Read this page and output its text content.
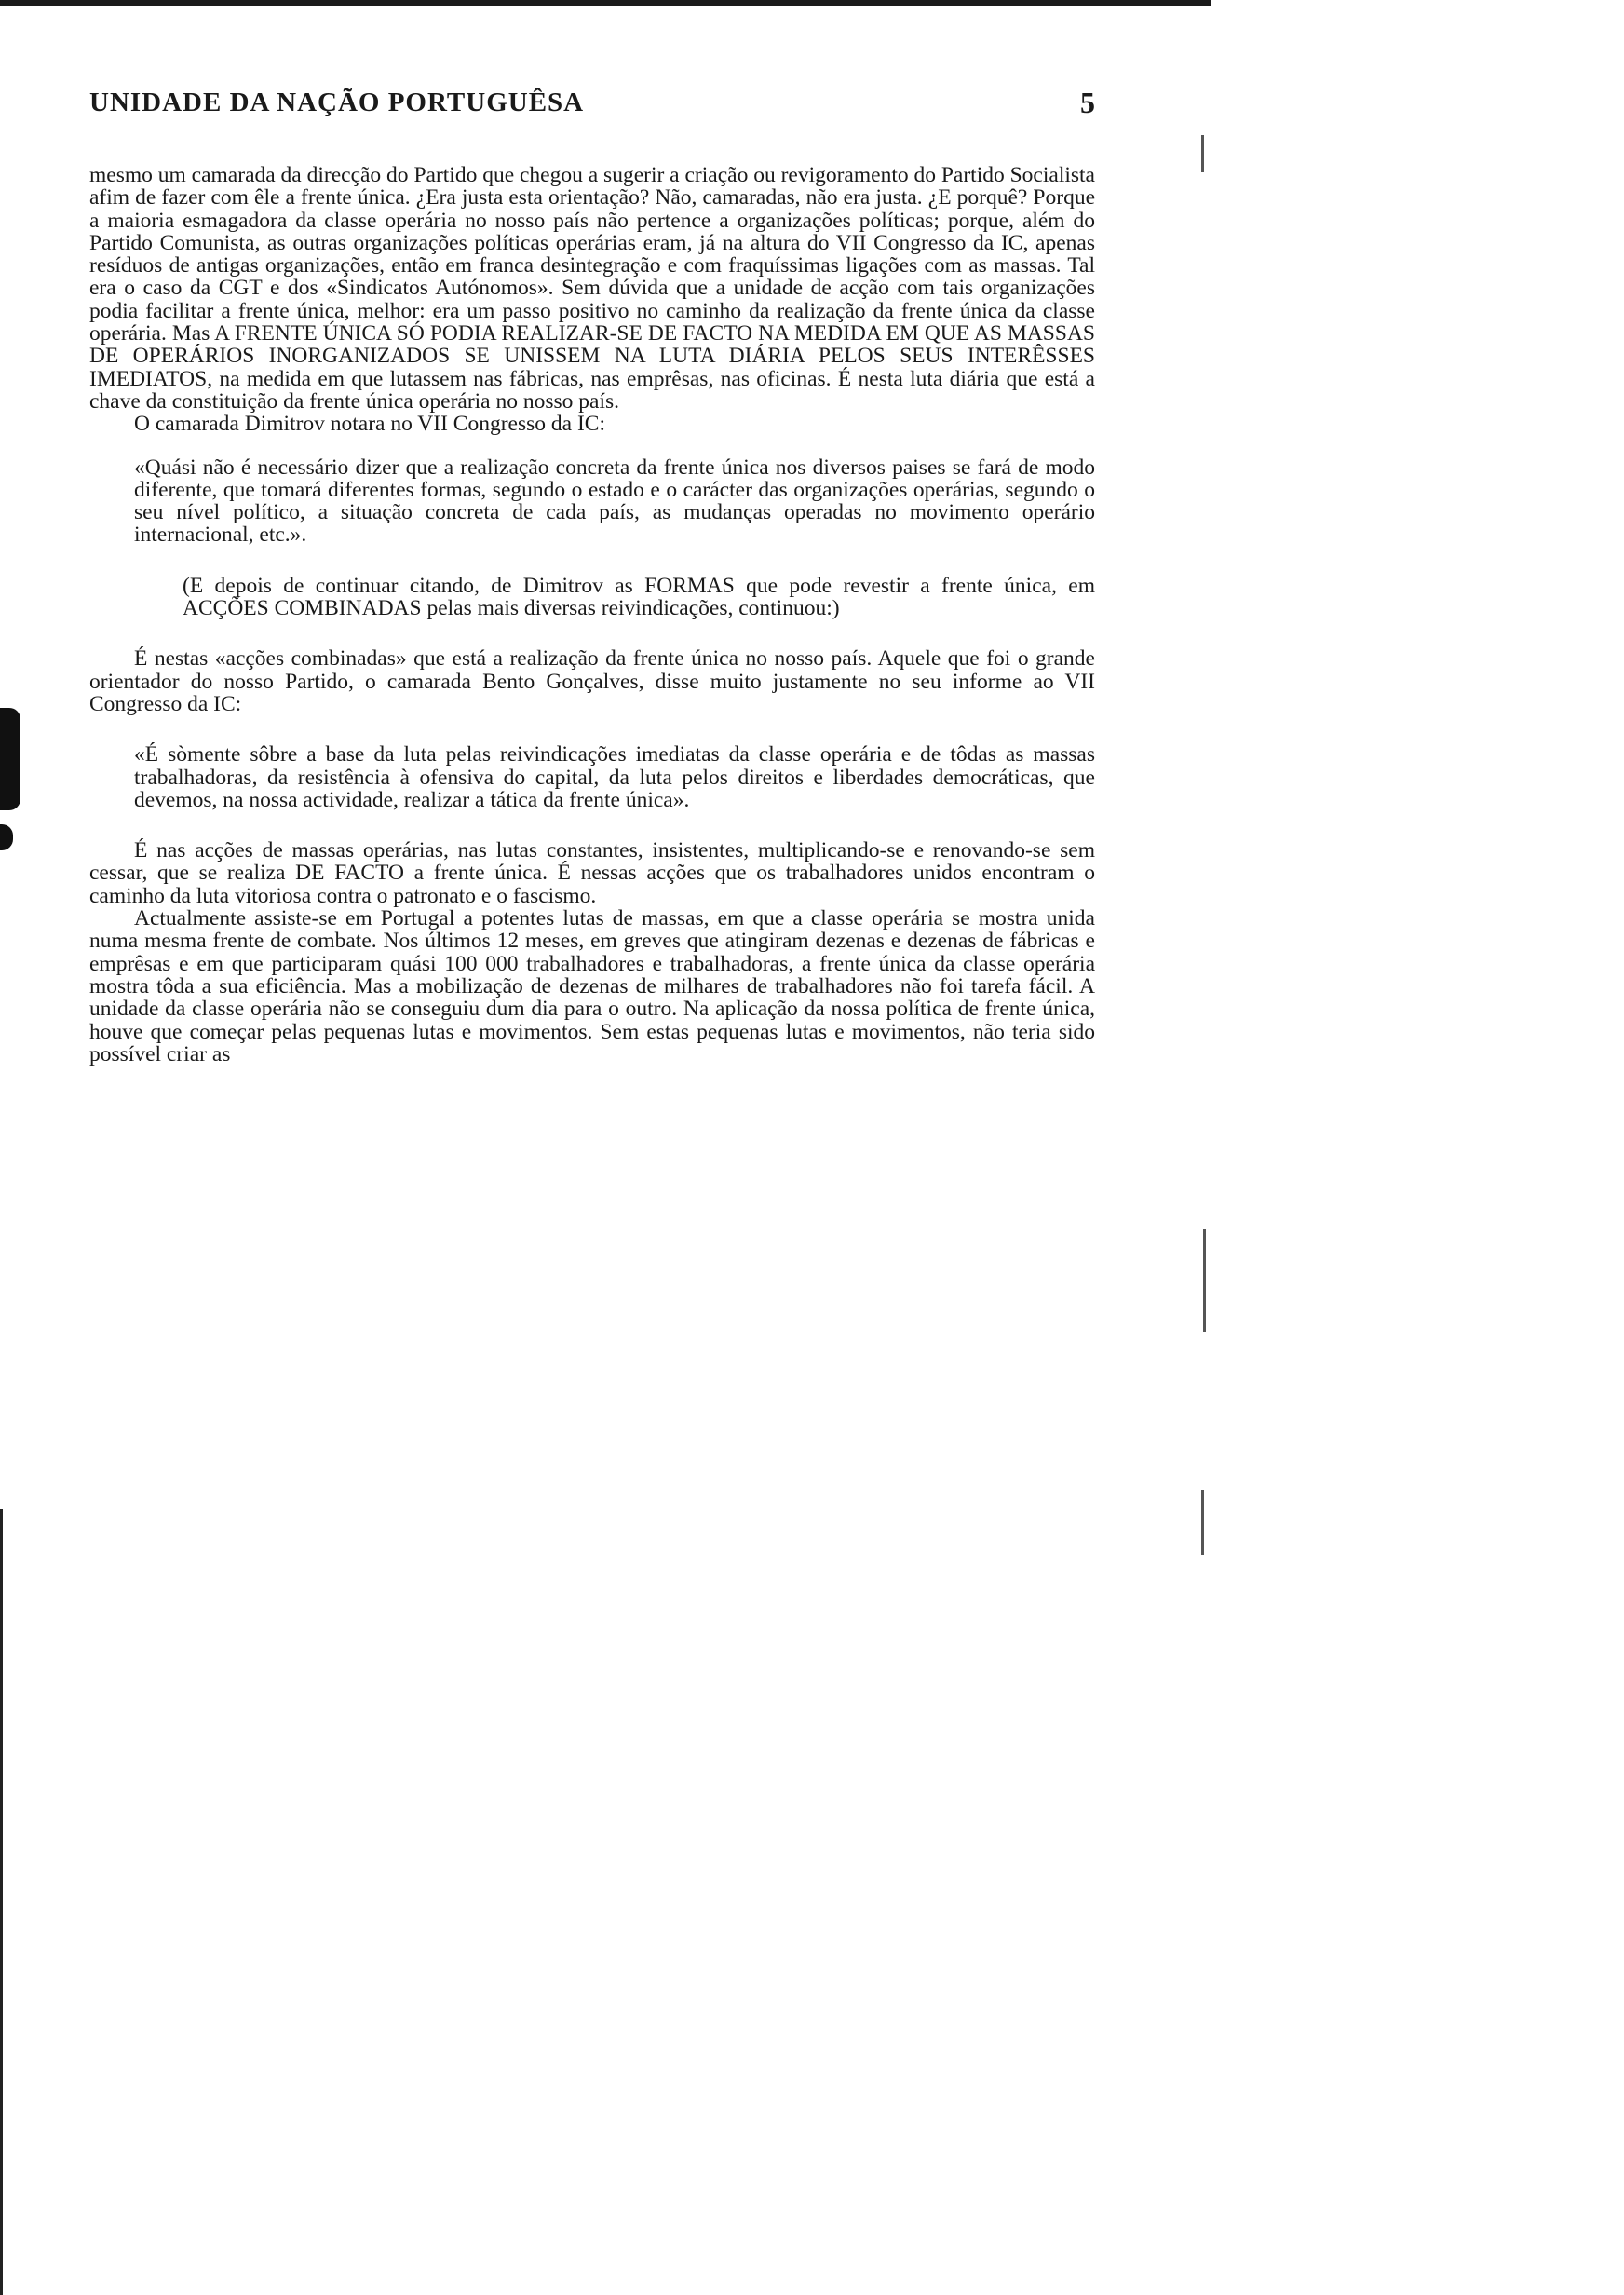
UNIDADE DA NAÇÃO PORTUGUÊSA	5

mesmo um camarada da direcção do Partido que chegou a sugerir a criação ou revigoramento do Partido Socialista afim de fazer com êle a frente única. ¿Era justa esta orientação? Não, camaradas, não era justa. ¿E porquê? Porque a maioria esmagadora da classe operária no nosso país não pertence a organizações políticas; porque, além do Partido Comunista, as outras organizações políticas operárias eram, já na altura do VII Congresso da IC, apenas resíduos de antigas organizações, então em franca desintegração e com fraquíssimas ligações com as massas. Tal era o caso da CGT e dos «Sindicatos Autónomos». Sem dúvida que a unidade de acção com tais organizações podia facilitar a frente única, melhor: era um passo positivo no caminho da realização da frente única da classe operária. Mas A FRENTE ÚNICA SÓ PODIA REALIZAR-SE DE FACTO NA MEDIDA EM QUE AS MASSAS DE OPERÁRIOS INORGANIZADOS SE UNISSEM NA LUTA DIÁRIA PELOS SEUS INTERÊSSES IMEDIATOS, na medida em que lutassem nas fábricas, nas emprêsas, nas oficinas. É nesta luta diária que está a chave da constituição da frente única operária no nosso país.

O camarada Dimitrov notara no VII Congresso da IC:

«Quási não é necessário dizer que a realização concreta da frente única nos diversos paises se fará de modo diferente, que tomará diferentes formas, segundo o estado e o carácter das organizações operárias, segundo o seu nível político, a situação concreta de cada país, as mudanças operadas no movimento operário internacional, etc.».

(E depois de continuar citando, de Dimitrov as FORMAS que pode revestir a frente única, em ACÇÕES COMBINADAS pelas mais diversas reivindicações, continuou:)

É nestas «acções combinadas» que está a realização da frente única no nosso país. Aquele que foi o grande orientador do nosso Partido, o camarada Bento Gonçalves, disse muito justamente no seu informe ao VII Congresso da IC:

«É sòmente sôbre a base da luta pelas reivindicações imediatas da classe operária e de tôdas as massas trabalhadoras, da resistência à ofensiva do capital, da luta pelos direitos e liberdades democráticas, que devemos, na nossa actividade, realizar a tática da frente única».

É nas acções de massas operárias, nas lutas constantes, insistentes, multiplicando-se e renovando-se sem cessar, que se realiza DE FACTO a frente única. É nessas acções que os trabalhadores unidos encontram o caminho da luta vitoriosa contra o patronato e o fascismo.

Actualmente assiste-se em Portugal a potentes lutas de massas, em que a classe operária se mostra unida numa mesma frente de combate. Nos últimos 12 meses, em greves que atingiram dezenas e dezenas de fábricas e emprêsas e em que participaram quási 100 000 trabalhadores e trabalhadoras, a frente única da classe operária mostra tôda a sua eficiência. Mas a mobilização de dezenas de milhares de trabalhadores não foi tarefa fácil. A unidade da classe operária não se conseguiu dum dia para o outro. Na aplicação da nossa política de frente única, houve que começar pelas pequenas lutas e movimentos. Sem estas pequenas lutas e movimentos, não teria sido possível criar as
